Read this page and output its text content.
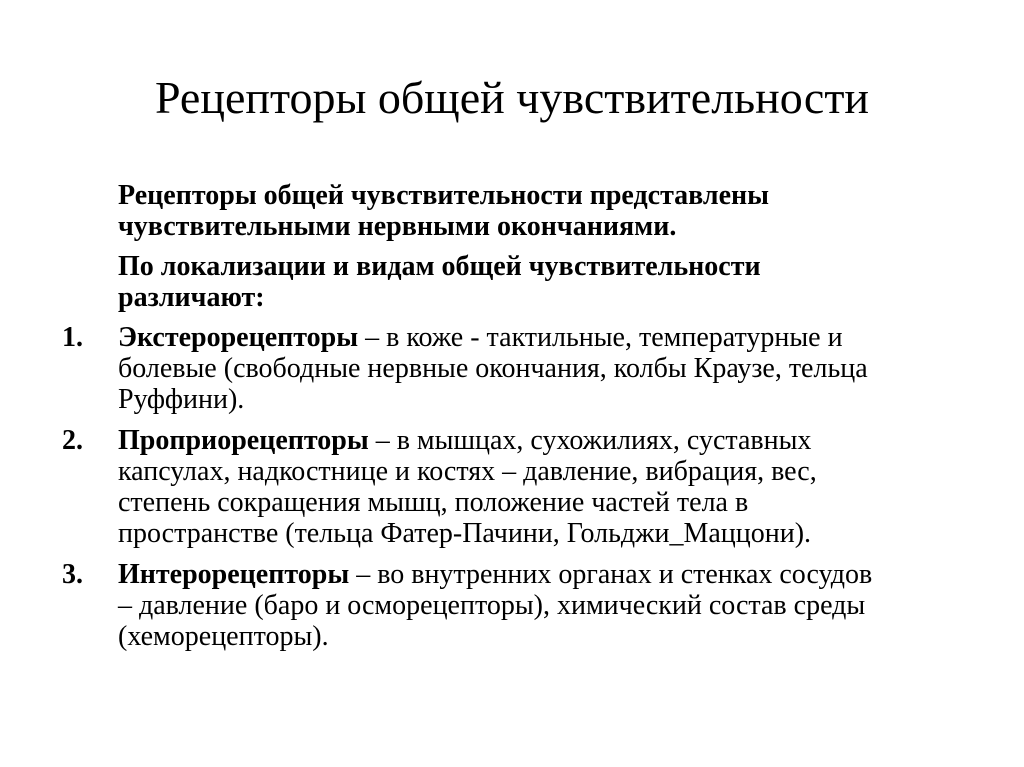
Рецепторы общей чувствительности
Рецепторы общей чувствительности представлены
чувствительными нервными окончаниями.
По локализации и видам общей чувствительности
различают:
1. Экстерорецепторы – в коже - тактильные, температурные и
болевые (свободные нервные окончания, колбы Краузе, тельца
Руффини).
2. Проприорецепторы – в мышцах, сухожилиях, суставных
капсулах, надкостнице и костях – давление, вибрация, вес,
степень сокращения мышц, положение частей тела в
пространстве (тельца Фатер-Пачини, Гольджи_Маццони).
3. Интерорецепторы – во внутренних органах и стенках сосудов
– давление (баро и осморецепторы), химический состав среды
(хеморецепторы).
